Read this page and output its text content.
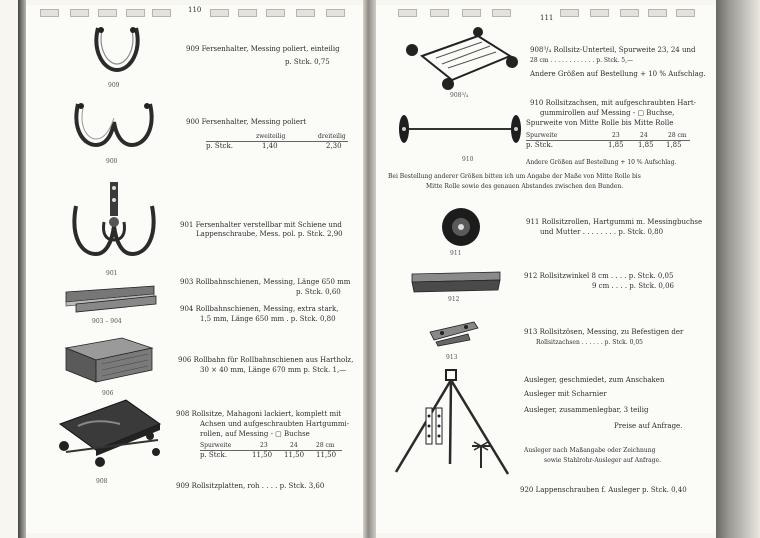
110
111
909
909 Fersenhalter, Messing poliert, einteilig
p. Stck. 0,75
900
900 Fersenhalter, Messing poliert
zweiteilig	dreiteilig
p. Stck.	1,40	2,30
901
901 Fersenhalter verstellbar mit Schiene und
Lappenschraube, Mess. pol. p. Stck. 2,90
903 – 904
903 Rollbahnschienen, Messing, Länge 650 mm
p. Stck. 0,60
904 Rollbahnschienen, Messing, extra stark,
1,5 mm, Länge 650 mm . p. Stck. 0,80
906
906 Rollbahn für Rollbahnschienen aus Hartholz,
30 × 40 mm, Länge 670 mm p. Stck. 1,—
908
908 Rollsitze, Mahagoni lackiert, komplett mit
Achsen und aufgeschraubten Hartgummi-
rollen, auf Messing - ▢ Buchse
Spurweite	23	24	28 cm
p. Stck.	11,50 11,50 11,50
909 Rollsitzplatten, roh . . . . p. Stck. 3,60
908³/₄
908³/₄ Rollsitz-Unterteil, Spurweite 23, 24 und
28 cm . . . . . . . . . . . . p. Stck. 5,—
Andere Größen auf Bestellung + 10 % Aufschlag.
910
910 Rollsitzachsen, mit aufgeschraubten Hart-
gummirollen auf Messing - ▢ Buchse,
Spurweite von Mitte Rolle bis Mitte Rolle
Spurweite	23	24	28 cm
p. Stck.	1,85 1,85 1,85
Andere Größen auf Bestellung + 10 % Aufschlag.
Bei Bestellung anderer Größen bitten ich um Angabe der Maße von Mitte Rolle bis
Mitte Rolle sowie des genauen Abstandes zwischen den Bunden.
911
911 Rollsitzrollen, Hartgummi m. Messingbuchse
und Mutter . . . . . . . . p. Stck. 0,80
912
912 Rollsitzwinkel 8 cm . . . . p. Stck. 0,05
9 cm . . . . p. Stck. 0,06
913
913 Rollsitzösen, Messing, zu Befestigen der
Rollsitzachsen . . . . . . p. Stck. 0,05
Ausleger, geschmiedet, zum Anschaken
Ausleger mit Scharnier
Ausleger, zusammenlegbar, 3 teilig
Preise auf Anfrage.
Ausleger nach Maßangabe oder Zeichnung
sowie Stahlrohr-Ausleger auf Anfrage.
920 Lappenschrauben f. Ausleger p. Stck. 0,40
